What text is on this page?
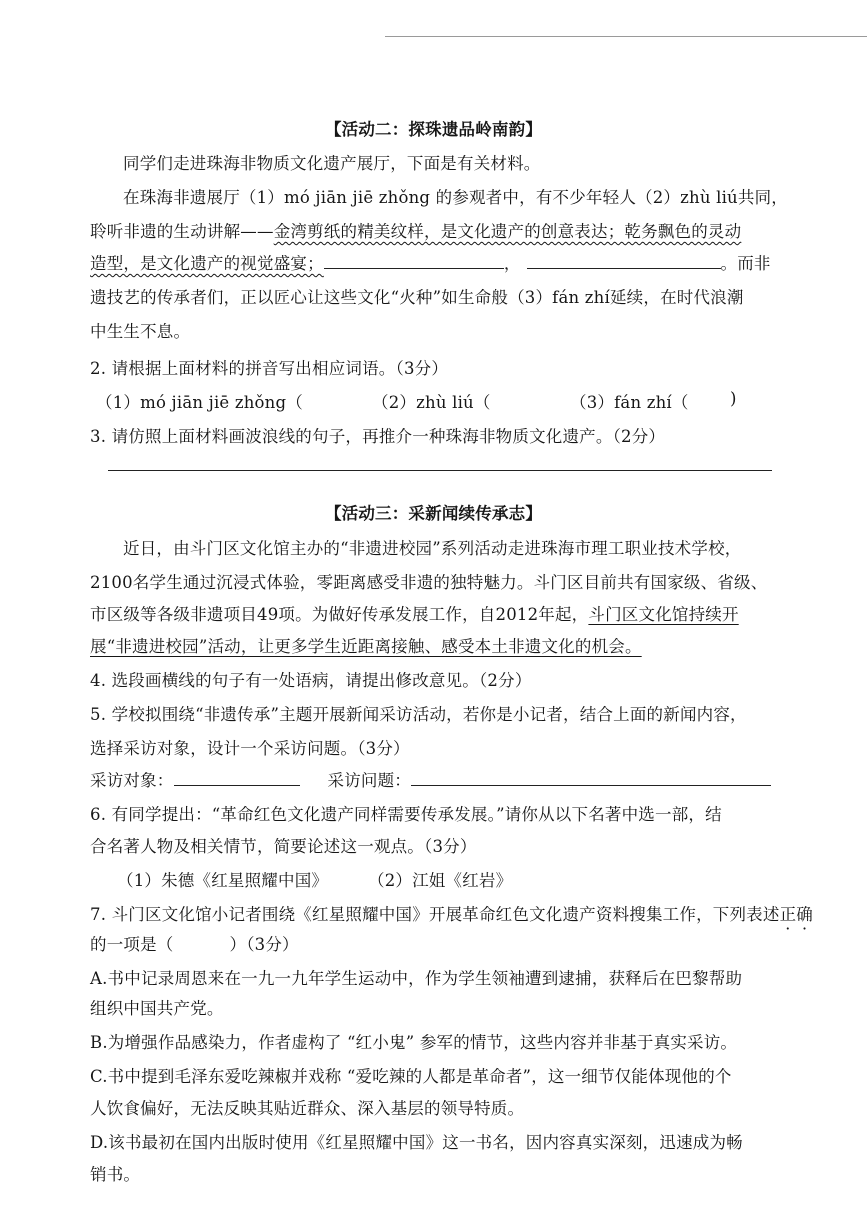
【活动二：探珠遗品岭南韵】
同学们走进珠海非物质文化遗产展厅，下面是有关材料。
在珠海非遗展厅（1）mó jiān jiē zhǒng 的参观者中，有不少年轻人（2）zhù liú共同，
聆听非遗的生动讲解——金湾剪纸的精美纹样，是文化遗产的创意表达；乾务飘色的灵动
造型，是文化遗产的视觉盛宴；	，	。而非
遗技艺的传承者们，正以匠心让这些文化“火种”如生命般（3）fán zhí延续，在时代浪潮
中生生不息。
2. 请根据上面材料的拼音写出相应词语。（3分）
（1）mó jiān jiē zhǒng（	（2）zhù liú（	（3）fán zhí（	)
3. 请仿照上面材料画波浪线的句子，再推介一种珠海非物质文化遗产。（2分）
【活动三：采新闻续传承志】
近日，由斗门区文化馆主办的“非遗进校园”系列活动走进珠海市理工职业技术学校，
2100名学生通过沉浸式体验，零距离感受非遗的独特魅力。斗门区目前共有国家级、省级、
市区级等各级非遗项目49项。为做好传承发展工作，自2012年起，斗门区文化馆持续开
展“非遗进校园”活动，让更多学生近距离接触、感受本土非遗文化的机会。
4. 选段画横线的句子有一处语病，请提出修改意见。（2分）
5. 学校拟围绕“非遗传承”主题开展新闻采访活动，若你是小记者，结合上面的新闻内容，
选择采访对象，设计一个采访问题。（3分）
采访对象：	采访问题：
6. 有同学提出：“革命红色文化遗产同样需要传承发展。”请你从以下名著中选一部，结
合名著人物及相关情节，简要论述这一观点。（3分）
（1）朱德《红星照耀中国》 （2）江姐《红岩》
7. 斗门区文化馆小记者围绕《红星照耀中国》开展革命红色文化遗产资料搜集工作，下列表述正确
的一项是（	）（3分）
A.书中记录周恩来在一九一九年学生运动中，作为学生领袖遭到逮捕，获释后在巴黎帮助
组织中国共产党。
B.为增强作品感染力，作者虚构了 “红小鬼” 参军的情节，这些内容并非基于真实采访。
C.书中提到毛泽东爱吃辣椒并戏称 “爱吃辣的人都是革命者”，这一细节仅能体现他的个
人饮食偏好，无法反映其贴近群众、深入基层的领导特质。
D.该书最初在国内出版时使用《红星照耀中国》这一书名，因内容真实深刻，迅速成为畅
销书。
